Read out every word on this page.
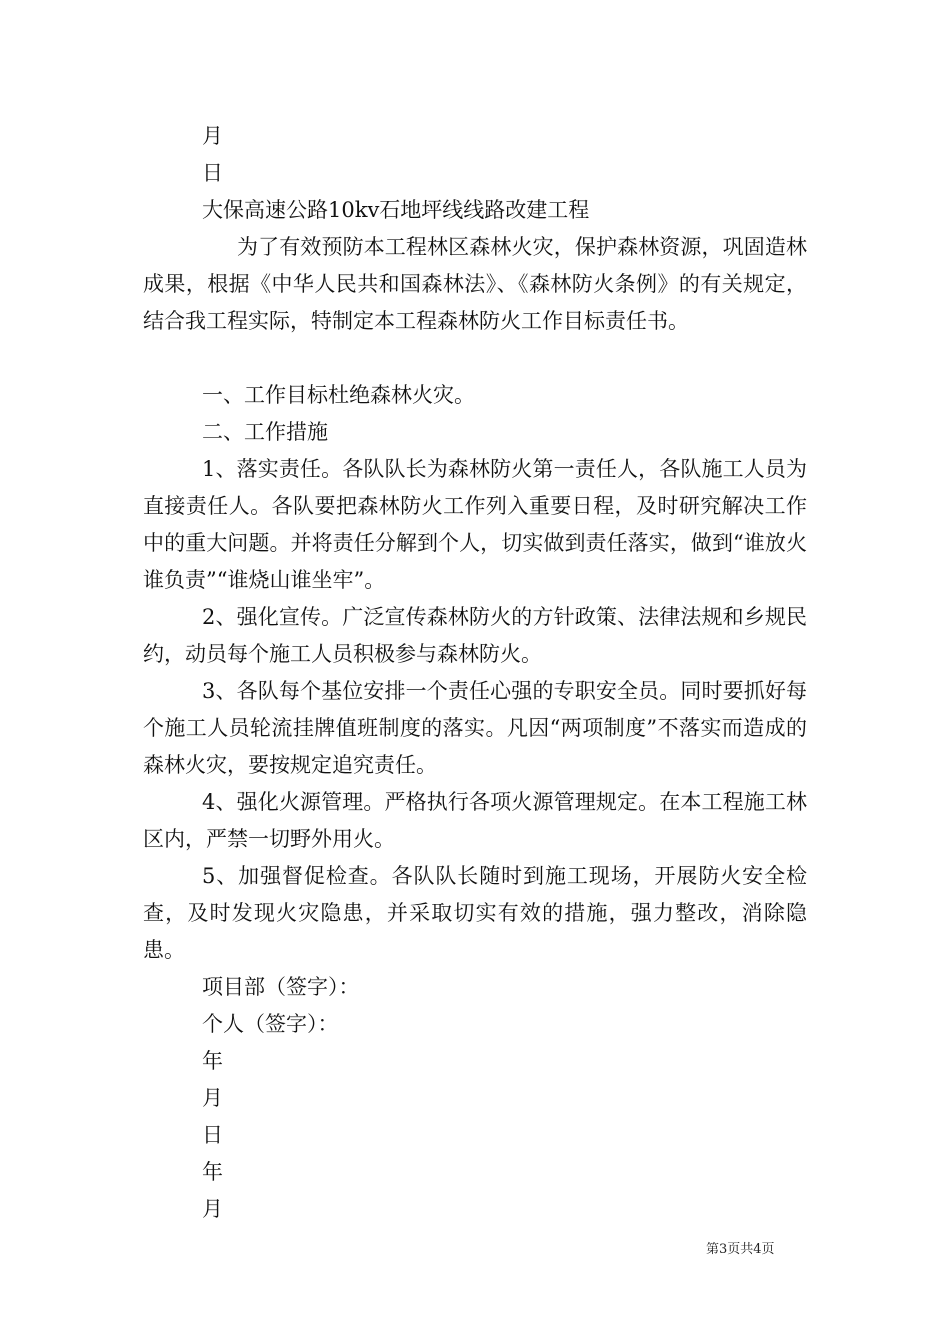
月
日
大保高速公路10kv石地坪线线路改建工程
为了有效预防本工程林区森林火灾，保护森林资源，巩固造林成果，根据《中华人民共和国森林法》、《森林防火条例》的有关规定，结合我工程实际，特制定本工程森林防火工作目标责任书。
一、工作目标杜绝森林火灾。
二、工作措施
1、落实责任。各队队长为森林防火第一责任人，各队施工人员为直接责任人。各队要把森林防火工作列入重要日程，及时研究解决工作中的重大问题。并将责任分解到个人，切实做到责任落实，做到“谁放火谁负责”“谁烧山谁坐牢”。
2、强化宣传。广泛宣传森林防火的方针政策、法律法规和乡规民约，动员每个施工人员积极参与森林防火。
3、各队每个基位安排一个责任心强的专职安全员。同时要抓好每个施工人员轮流挂牌值班制度的落实。凡因“两项制度”不落实而造成的森林火灾，要按规定追究责任。
4、强化火源管理。严格执行各项火源管理规定。在本工程施工林区内，严禁一切野外用火。
5、加强督促检查。各队队长随时到施工现场，开展防火安全检查，及时发现火灾隐患，并采取切实有效的措施，强力整改，消除隐患。
项目部（签字）：
个人（签字）：
年
月
日
年
月
第3页共4页
